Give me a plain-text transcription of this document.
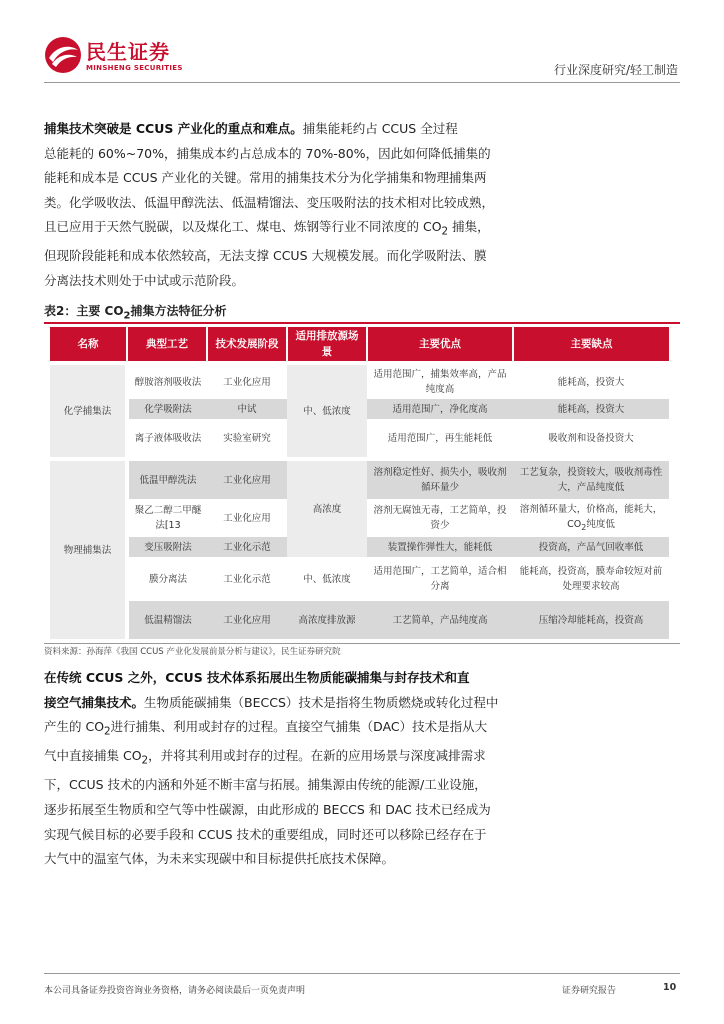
民生证券
MINSHENG SECURITIES	行业深度研究/轻工制造
捕集技术突破是 CCUS 产业化的重点和难点。捕集能耗约占 CCUS 全过程
总能耗的 60%~70%，捕集成本约占总成本的 70%-80%，因此如何降低捕集的
能耗和成本是 CCUS 产业化的关键。常用的捕集技术分为化学捕集和物理捕集两
类。化学吸收法、低温甲醇洗法、低温精馏法、变压吸附法的技术相对比较成熟，
且已应用于天然气脱碳，以及煤化工、煤电、炼钢等行业不同浓度的 $CO_2$ 捕集，
但现阶段能耗和成本依然较高，无法支撑 CCUS 大规模发展。而化学吸附法、膜
分离法技术则处于中试或示范阶段。
表2：主要 $CO_2$捕集方法特征分析
名称	典型工艺	技术发展阶段	适用排放源场景	主要优点	主要缺点

化学捕集法	醇胺溶剂吸收法	工业化应用	中、低浓度	适用范围广，捕集效率高，产品纯度高	能耗高，投资大
	化学吸附法	中试		适用范围广，净化度高	能耗高，投资大
	离子液体吸收法	实验室研究		适用范围广，再生能耗低	吸收剂和设备投资大

物理捕集法	低温甲醇洗法	工业化应用	高浓度	溶剂稳定性好、损失小，吸收剂循环量少	工艺复杂，投资较大，吸收剂毒性大，产品纯度低
	聚乙二醇二甲醚法[13	工业化应用		溶剂无腐蚀无毒，工艺简单，投资少	溶剂循环量大，价格高，能耗大，$CO_2$纯度低
	变压吸附法	工业化示范		装置操作弹性大，能耗低	投资高，产品气回收率低
	膜分离法	工业化示范	中、低浓度	适用范围广，工艺简单，适合相分离	能耗高，投资高，膜寿命较短对前处理要求较高
	低温精馏法	工业化应用	高浓度排放源	工艺简单，产品纯度高	压缩冷却能耗高，投资高
资料来源：孙海萍《我国 CCUS 产业化发展前景分析与建议》，民生证券研究院
在传统 CCUS 之外，CCUS 技术体系拓展出生物质能碳捕集与封存技术和直
接空气捕集技术。生物质能碳捕集（BECCS）技术是指将生物质燃烧或转化过程中
产生的 $CO_2$进行捕集、利用或封存的过程。直接空气捕集（DAC）技术是指从大
气中直接捕集 $CO_2$，并将其利用或封存的过程。在新的应用场景与深度减排需求
下，CCUS 技术的内涵和外延不断丰富与拓展。捕集源由传统的能源/工业设施，
逐步拓展至生物质和空气等中性碳源，由此形成的 BECCS 和 DAC 技术已经成为
实现气候目标的必要手段和 CCUS 技术的重要组成，同时还可以移除已经存在于
大气中的温室气体，为未来实现碳中和目标提供托底技术保障。
本公司具备证券投资咨询业务资格，请务必阅读最后一页免责声明	证券研究报告	10
